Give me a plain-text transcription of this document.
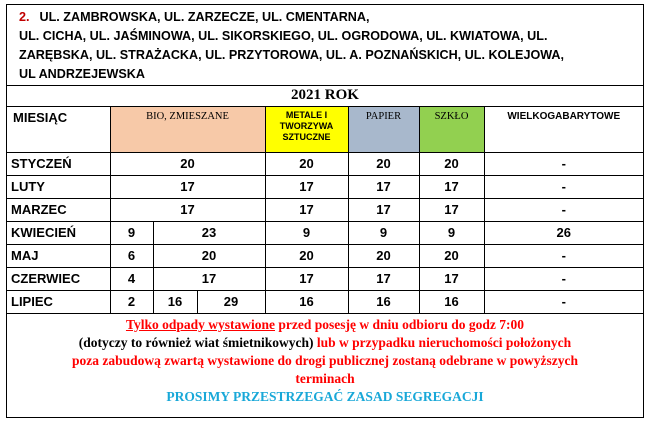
2. UL. ZAMBROWSKA, UL. ZARZECZE, UL. CMENTARNA,
UL. CICHA, UL. JAŚMINOWA, UL. SIKORSKIEGO, UL. OGRODOWA, UL. KWIATOWA, UL.
ZARĘBSKA, UL. STRAŻACKA, UL. PRZYTOROWA, UL. A. POZNAŃSKICH, UL. KOLEJOWA,
UL ANDRZEJEWSKA
2021 ROK							
MIESIĄC	BIO, ZMIESZANE			METALE I TWORZYWA SZTUCZNE	PAPIER	SZKŁO	WIELKOGABARYTOWE
STYCZEŃ	20			20	20	20	-
LUTY	17			17	17	17	-
MARZEC	17			17	17	17	-
KWIECIEŃ	9	23		9	9	9	26
MAJ	6	20		20	20	20	-
CZERWIEC	4	17		17	17	17	-
LIPIEC	2	16	29	16	16	16	-
Tylko odpady wystawione przed posesję w dniu odbioru do godz 7:00
(dotyczy to również wiat śmietnikowych) lub w przypadku nieruchomości położonych
poza zabudową zwartą wystawione do drogi publicznej zostaną odebrane w powyższych
terminach
PROSIMY PRZESTRZEGAĆ ZASAD SEGREGACJI
